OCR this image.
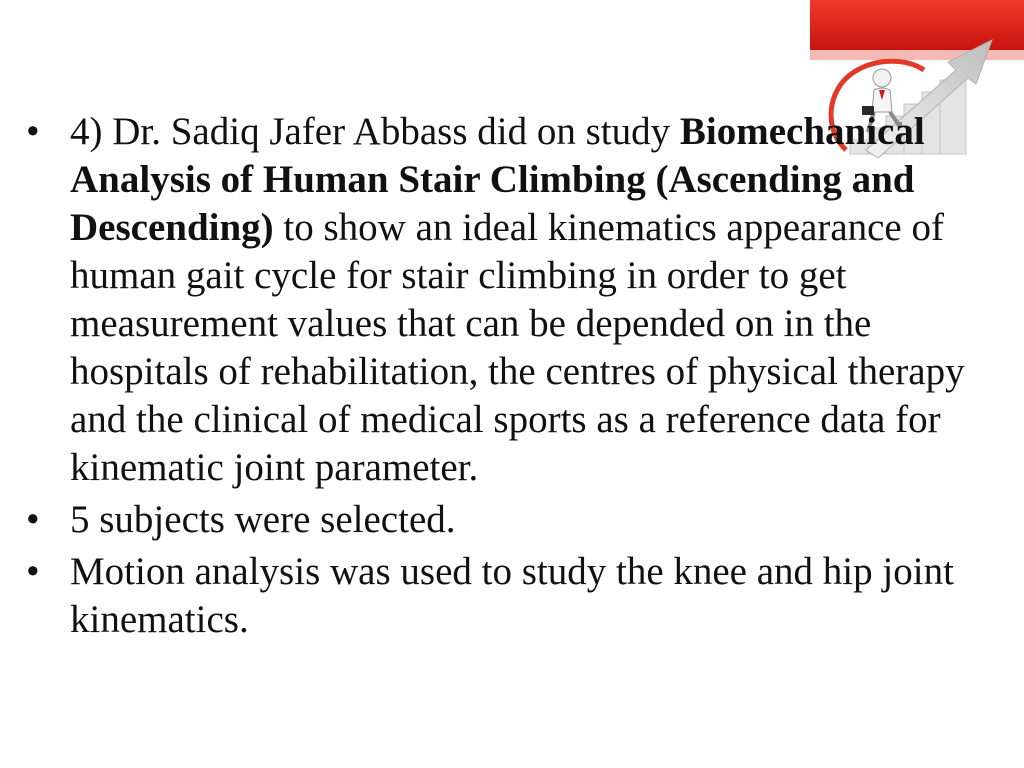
• 4) Dr. Sadiq Jafer Abbass did on study Biomechanical Analysis of Human Stair Climbing (Ascending and Descending) to show an ideal kinematics appearance of human gait cycle for stair climbing in order to get measurement values that can be depended on in the hospitals of rehabilitation, the centres of physical therapy and the clinical of medical sports as a reference data for kinematic joint parameter.
• 5 subjects were selected.
• Motion analysis was used to study the knee and hip joint kinematics.
